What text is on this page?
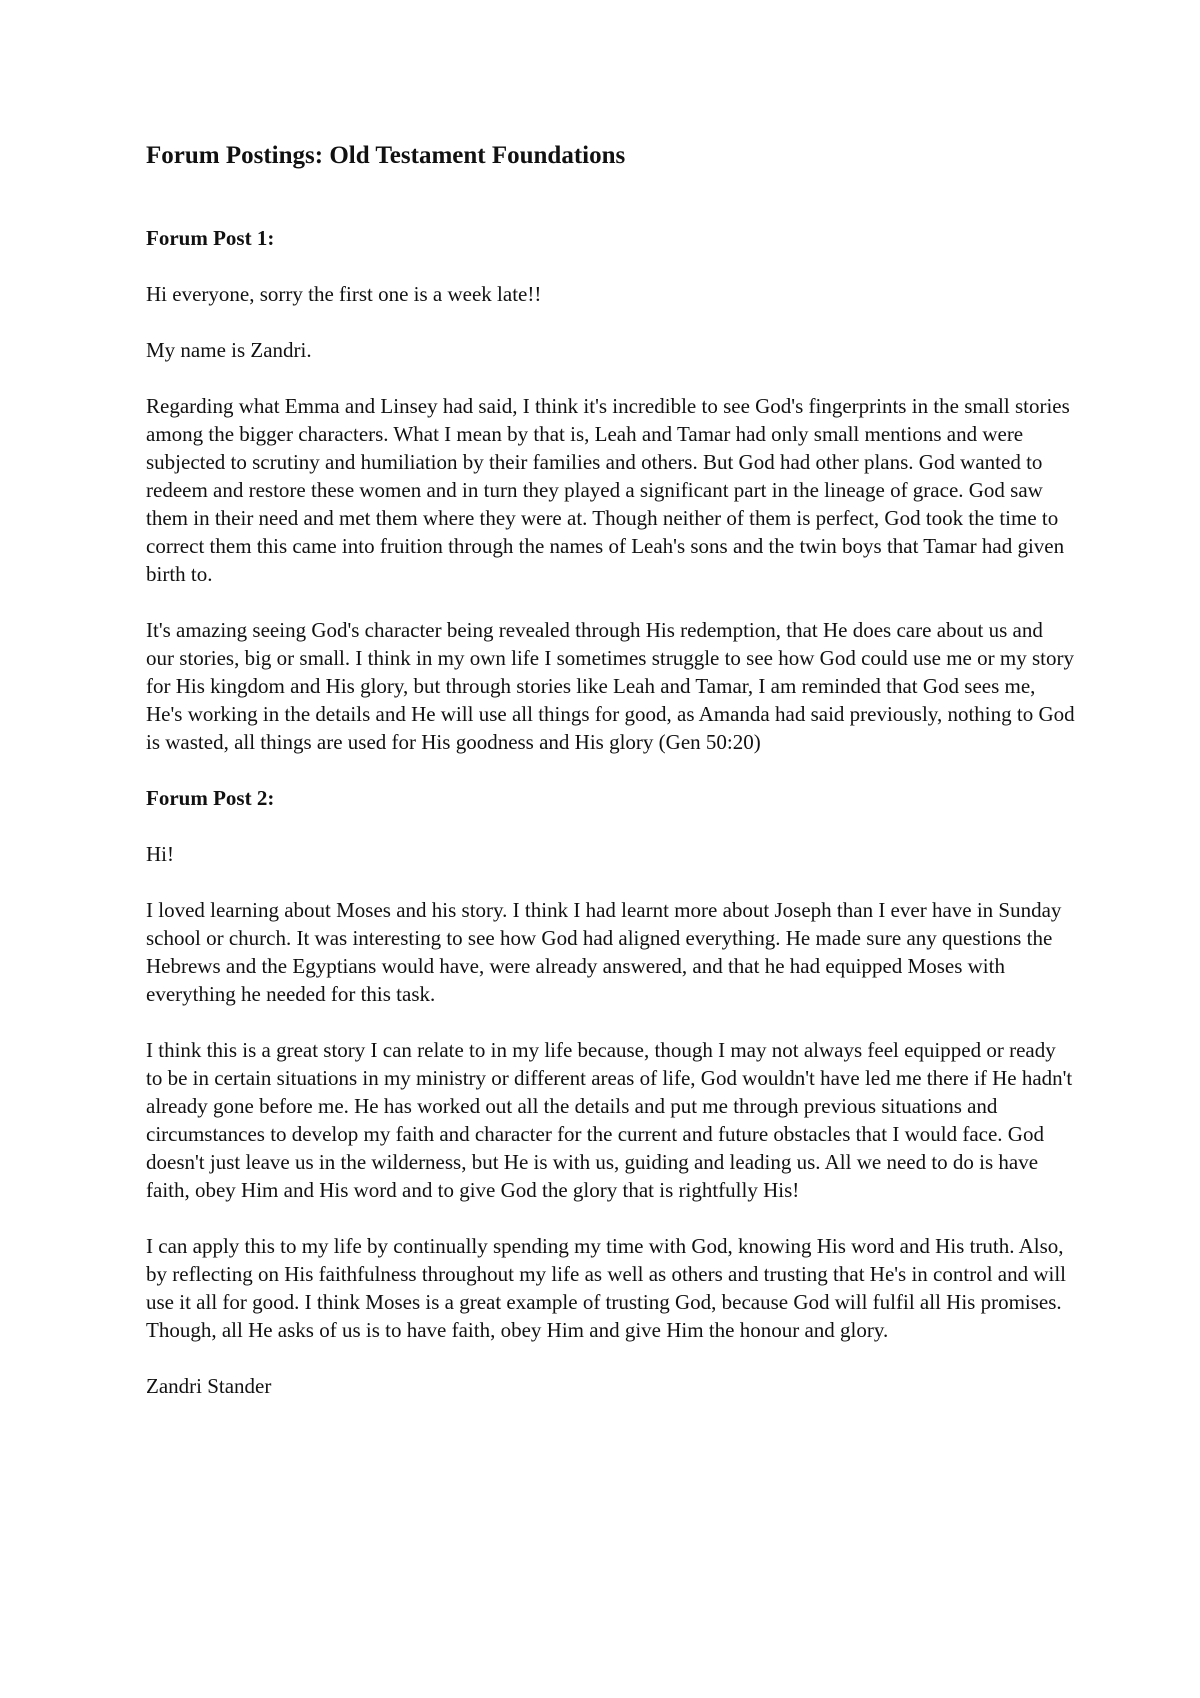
Forum Postings: Old Testament Foundations
Forum Post 1:

Hi everyone, sorry the first one is a week late!!

My name is Zandri.

Regarding what Emma and Linsey had said, I think it's incredible to see God's fingerprints in the small stories among the bigger characters. What I mean by that is, Leah and Tamar had only small mentions and were subjected to scrutiny and humiliation by their families and others. But God had other plans. God wanted to redeem and restore these women and in turn they played a significant part in the lineage of grace. God saw them in their need and met them where they were at. Though neither of them is perfect, God took the time to correct them this came into fruition through the names of Leah's sons and the twin boys that Tamar had given birth to.

It's amazing seeing God's character being revealed through His redemption, that He does care about us and our stories, big or small. I think in my own life I sometimes struggle to see how God could use me or my story for His kingdom and His glory, but through stories like Leah and Tamar, I am reminded that God sees me, He's working in the details and He will use all things for good, as Amanda had said previously, nothing to God is wasted, all things are used for His goodness and His glory (Gen 50:20)

Forum Post 2:

Hi!

I loved learning about Moses and his story. I think I had learnt more about Joseph than I ever have in Sunday school or church. It was interesting to see how God had aligned everything. He made sure any questions the Hebrews and the Egyptians would have, were already answered, and that he had equipped Moses with everything he needed for this task.

I think this is a great story I can relate to in my life because, though I may not always feel equipped or ready to be in certain situations in my ministry or different areas of life, God wouldn't have led me there if He hadn't already gone before me. He has worked out all the details and put me through previous situations and circumstances to develop my faith and character for the current and future obstacles that I would face. God doesn't just leave us in the wilderness, but He is with us, guiding and leading us. All we need to do is have faith, obey Him and His word and to give God the glory that is rightfully His!

I can apply this to my life by continually spending my time with God, knowing His word and His truth. Also, by reflecting on His faithfulness throughout my life as well as others and trusting that He's in control and will use it all for good. I think Moses is a great example of trusting God, because God will fulfil all His promises. Though, all He asks of us is to have faith, obey Him and give Him the honour and glory.

Zandri Stander
